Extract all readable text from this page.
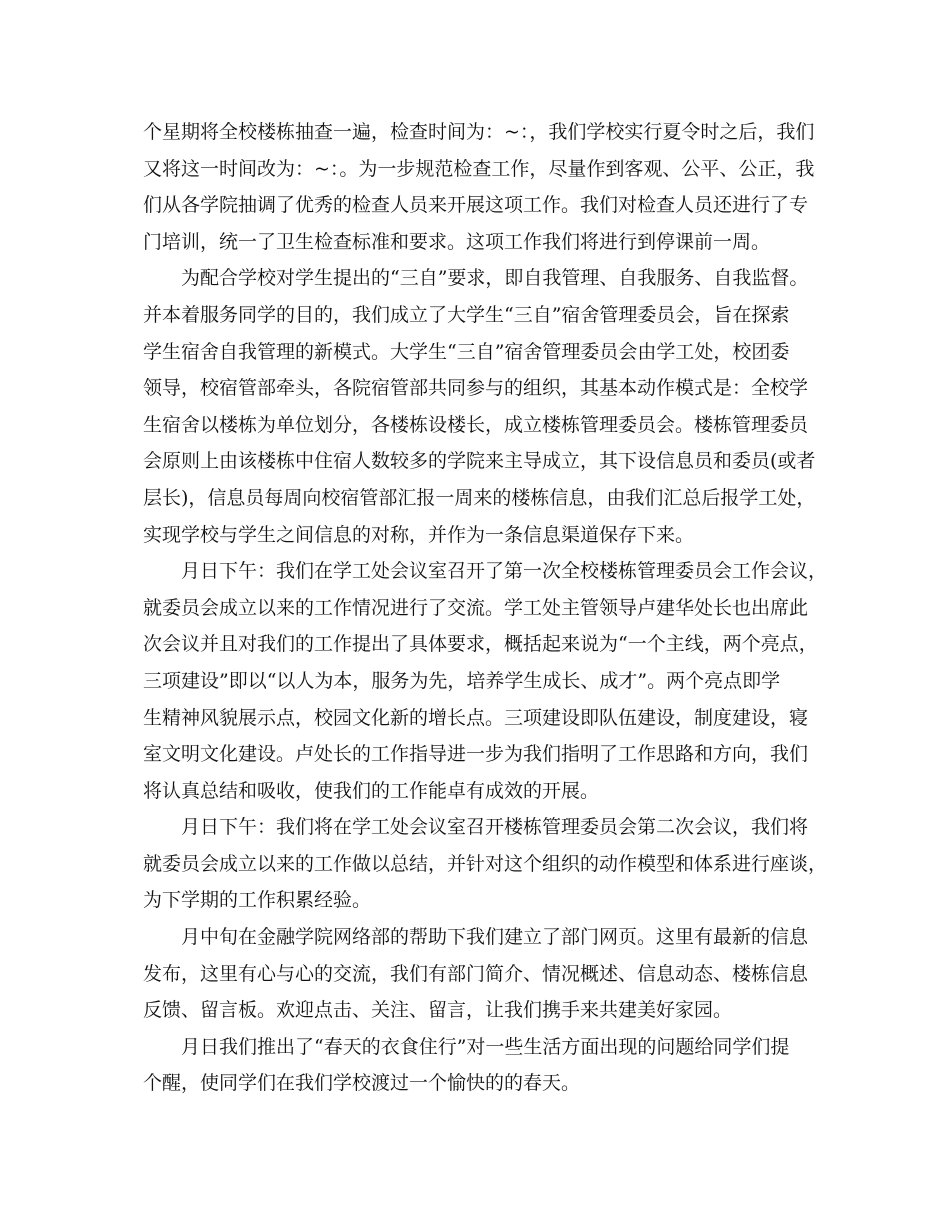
个星期将全校楼栋抽查一遍，检查时间为：~：，我们学校实行夏令时之后，我们
又将这一时间改为：~：。为一步规范检查工作，尽量作到客观、公平、公正，我
们从各学院抽调了优秀的检查人员来开展这项工作。我们对检查人员还进行了专
门培训，统一了卫生检查标准和要求。这项工作我们将进行到停课前一周。
为配合学校对学生提出的“三自”要求，即自我管理、自我服务、自我监督。
并本着服务同学的目的，我们成立了大学生“三自”宿舍管理委员会，旨在探索
学生宿舍自我管理的新模式。大学生“三自”宿舍管理委员会由学工处，校团委
领导，校宿管部牵头，各院宿管部共同参与的组织，其基本动作模式是：全校学
生宿舍以楼栋为单位划分，各楼栋设楼长，成立楼栋管理委员会。楼栋管理委员
会原则上由该楼栋中住宿人数较多的学院来主导成立，其下设信息员和委员(或者
层长)，信息员每周向校宿管部汇报一周来的楼栋信息，由我们汇总后报学工处，
实现学校与学生之间信息的对称，并作为一条信息渠道保存下来。
月日下午：我们在学工处会议室召开了第一次全校楼栋管理委员会工作会议，
就委员会成立以来的工作情况进行了交流。学工处主管领导卢建华处长也出席此
次会议并且对我们的工作提出了具体要求，概括起来说为“一个主线，两个亮点，
三项建设”即以“以人为本，服务为先，培养学生成长、成才”。两个亮点即学
生精神风貌展示点，校园文化新的增长点。三项建设即队伍建设，制度建设，寝
室文明文化建设。卢处长的工作指导进一步为我们指明了工作思路和方向，我们
将认真总结和吸收，使我们的工作能卓有成效的开展。
月日下午：我们将在学工处会议室召开楼栋管理委员会第二次会议，我们将
就委员会成立以来的工作做以总结，并针对这个组织的动作模型和体系进行座谈，
为下学期的工作积累经验。
月中旬在金融学院网络部的帮助下我们建立了部门网页。这里有最新的信息
发布，这里有心与心的交流，我们有部门简介、情况概述、信息动态、楼栋信息
反馈、留言板。欢迎点击、关注、留言，让我们携手来共建美好家园。
月日我们推出了“春天的衣食住行”对一些生活方面出现的问题给同学们提
个醒，使同学们在我们学校渡过一个愉快的的春天。
